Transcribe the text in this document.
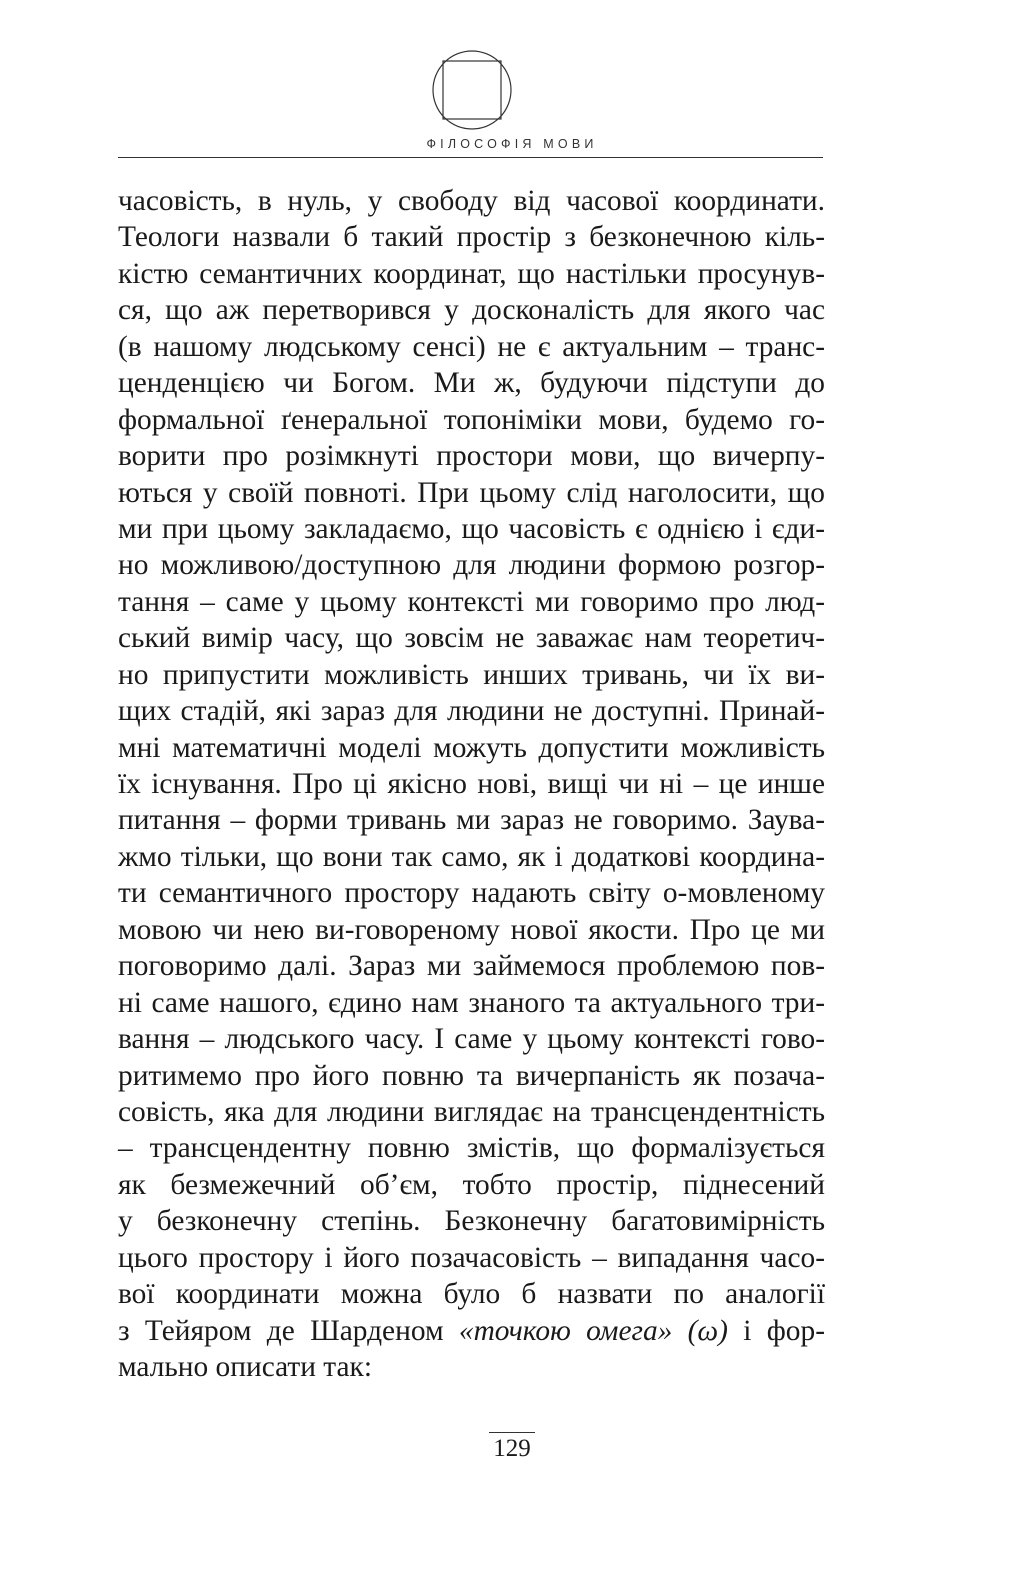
ФІЛОСОФІЯ МОВИ
часовість, в нуль, у свободу від часової координати.
Теологи назвали б такий простір з безконечною кіль-
кістю семантичних координат, що настільки просунув-
ся, що аж перетворився у досконалість для якого час
(в нашому людському сенсі) не є актуальним – транс-
ценденцією чи Богом. Ми ж, будуючи підступи до
формальної ґенеральної топоніміки мови, будемо го-
ворити про розімкнуті простори мови, що вичерпу-
ються у своїй повноті. При цьому слід наголосити, що
ми при цьому закладаємо, що часовість є однією і єди-
но можливою/доступною для людини формою розгор-
тання – саме у цьому контексті ми говоримо про люд-
ський вимір часу, що зовсім не заважає нам теоретич-
но припустити можливість инших тривань, чи їх ви-
щих стадій, які зараз для людини не доступні. Принай-
мні математичні моделі можуть допустити можливість
їх існування. Про ці якісно нові, вищі чи ні – це инше
питання – форми тривань ми зараз не говоримо. Заува-
жмо тільки, що вони так само, як і додаткові координа-
ти семантичного простору надають світу о-мовленому
мовою чи нею ви-говореному нової якости. Про це ми
поговоримо далі. Зараз ми займемося проблемою пов-
ні саме нашого, єдино нам знаного та актуального три-
вання – людського часу. І саме у цьому контексті гово-
ритимемо про його повню та вичерпаність як позача-
совість, яка для людини виглядає на трансцендентність
– трансцендентну повню змістів, що формалізується
як безмежечний об’єм, тобто простір, піднесений
у безконечну степінь. Безконечну багатовимірність
цього простору і його позачасовість – випадання часо-
вої координати можна було б назвати по аналогії
з Тейяром де Шарденом «точкою омега» (ω) і фор-
мально описати так:
129
